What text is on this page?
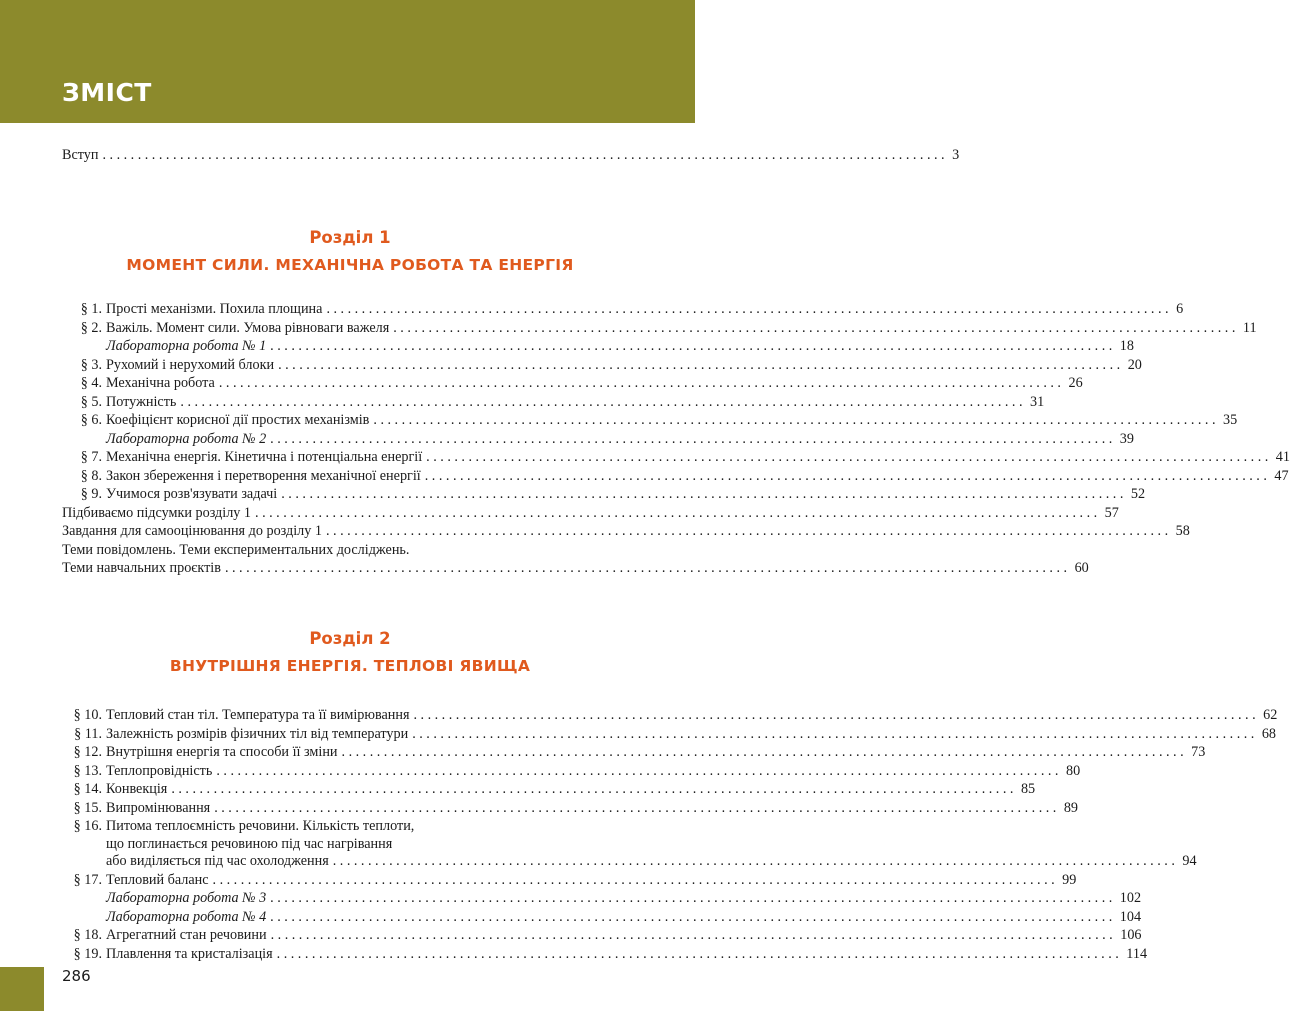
ЗМІСТ
Вступ ........................................................................................................................ 3
Розділ 1
МОМЕНТ СИЛИ. МЕХАНІЧНА РОБОТА ТА ЕНЕРГІЯ
§ 1. Прості механізми. Похила площина ........................................................................................................................ 6
§ 2. Важіль. Момент сили. Умова рівноваги важеля ........................................................................................................................ 11
Лабораторна робота № 1 ........................................................................................................................ 18
§ 3. Рухомий і нерухомий блоки ........................................................................................................................ 20
§ 4. Механічна робота ........................................................................................................................ 26
§ 5. Потужність ........................................................................................................................ 31
§ 6. Коефіцієнт корисної дії простих механізмів ........................................................................................................................ 35
Лабораторна робота № 2 ........................................................................................................................ 39
§ 7. Механічна енергія. Кінетична і потенціальна енергії ........................................................................................................................ 41
§ 8. Закон збереження і перетворення механічної енергії ........................................................................................................................ 47
§ 9. Учимося розв'язувати задачі ........................................................................................................................ 52
Підбиваємо підсумки розділу 1 ........................................................................................................................ 57
Завдання для самооцінювання до розділу 1 ........................................................................................................................ 58
Теми повідомлень. Теми експериментальних досліджень.
Теми навчальних проєктів ........................................................................................................................ 60
Розділ 2
ВНУТРІШНЯ ЕНЕРГІЯ. ТЕПЛОВІ ЯВИЩА
§ 10. Тепловий стан тіл. Температура та її вимірювання ........................................................................................................................ 62
§ 11. Залежність розмірів фізичних тіл від температури ........................................................................................................................ 68
§ 12. Внутрішня енергія та способи її зміни ........................................................................................................................ 73
§ 13. Теплопровідність ........................................................................................................................ 80
§ 14. Конвекція ........................................................................................................................ 85
§ 15. Випромінювання ........................................................................................................................ 89
§ 16. Питома теплоємність речовини. Кількість теплоти,
що поглинається речовиною під час нагрівання
або виділяється під час охолодження ........................................................................................................................ 94
§ 17. Тепловий баланс ........................................................................................................................ 99
Лабораторна робота № 3 ........................................................................................................................ 102
Лабораторна робота № 4 ........................................................................................................................ 104
§ 18. Агрегатний стан речовини ........................................................................................................................ 106
§ 19. Плавлення та кристалізація ........................................................................................................................ 114
286
